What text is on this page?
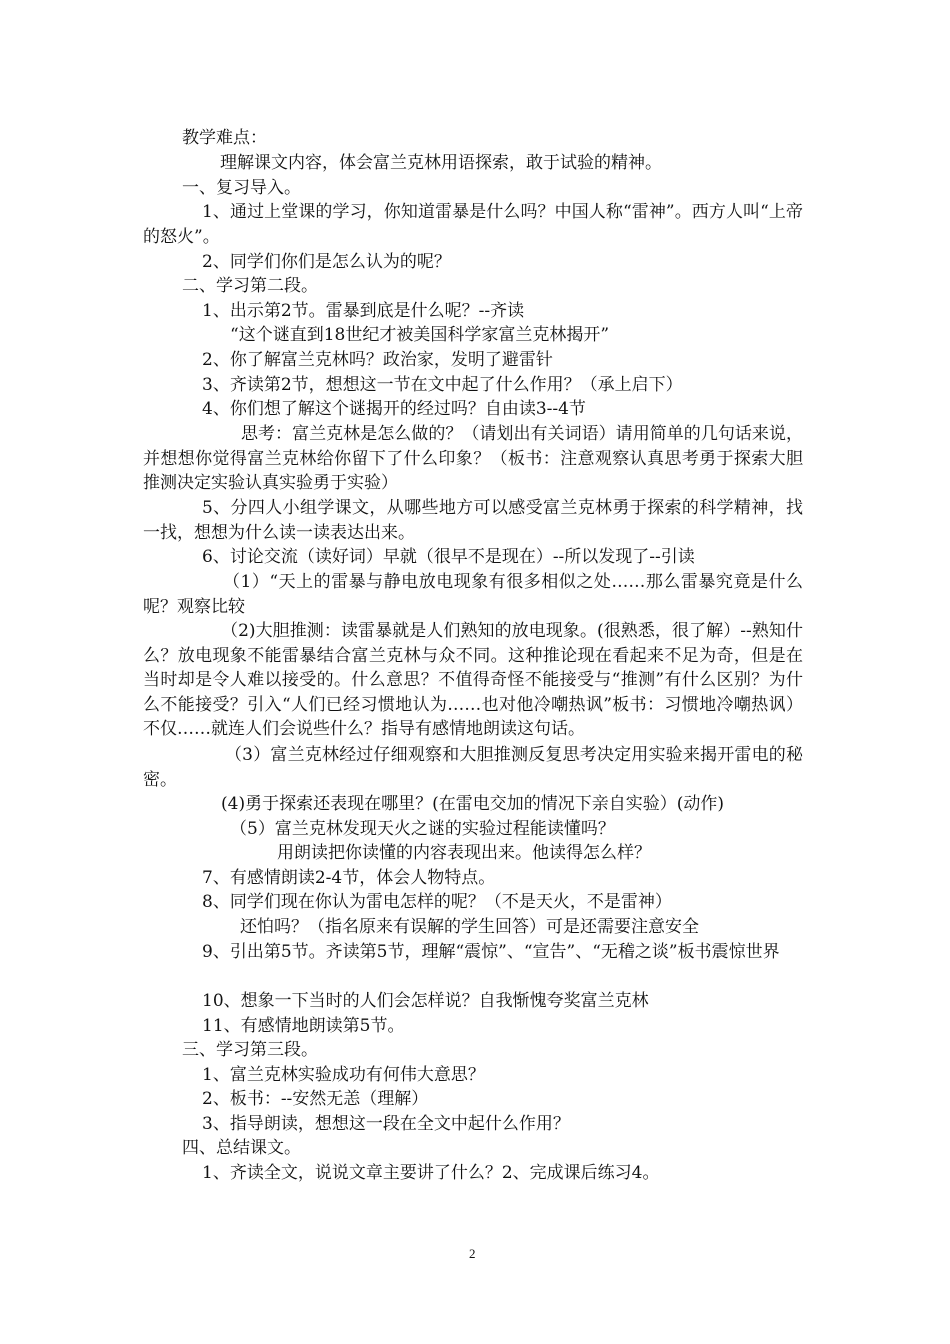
教学难点：
理解课文内容，体会富兰克林用语探索，敢于试验的精神。
一、复习导入。
1、通过上堂课的学习，你知道雷暴是什么吗？中国人称“雷神”。西方人叫“上帝的怒火”。
2、同学们你们是怎么认为的呢？
二、学习第二段。
1、出示第2节。雷暴到底是什么呢？--齐读
“这个谜直到18世纪才被美国科学家富兰克林揭开”
2、你了解富兰克林吗？政治家，发明了避雷针
3、齐读第2节，想想这一节在文中起了什么作用？（承上启下）
4、你们想了解这个谜揭开的经过吗？自由读3--4节
思考：富兰克林是怎么做的？（请划出有关词语）请用简单的几句话来说，并想想你觉得富兰克林给你留下了什么印象？（板书：注意观察认真思考勇于探索大胆推测决定实验认真实验勇于实验）
5、分四人小组学课文，从哪些地方可以感受富兰克林勇于探索的科学精神，找一找，想想为什么读一读表达出来。
6、讨论交流（读好词）早就（很早不是现在）--所以发现了--引读
（1）“天上的雷暴与静电放电现象有很多相似之处……那么雷暴究竟是什么呢？观察比较
（2)大胆推测：读雷暴就是人们熟知的放电现象。(很熟悉，很了解）--熟知什么？放电现象不能雷暴结合富兰克林与众不同。这种推论现在看起来不足为奇，但是在当时却是令人难以接受的。什么意思？不值得奇怪不能接受与“推测”有什么区别？为什么不能接受？引入“人们已经习惯地认为……也对他冷嘲热讽”板书：习惯地冷嘲热讽）不仅……就连人们会说些什么？指导有感情地朗读这句话。
（3）富兰克林经过仔细观察和大胆推测反复思考决定用实验来揭开雷电的秘密。
(4)勇于探索还表现在哪里？(在雷电交加的情况下亲自实验）(动作)
（5）富兰克林发现天火之谜的实验过程能读懂吗？
用朗读把你读懂的内容表现出来。他读得怎么样？
7、有感情朗读2-4节，体会人物特点。
8、同学们现在你认为雷电怎样的呢？（不是天火，不是雷神）
还怕吗？（指名原来有误解的学生回答）可是还需要注意安全
9、引出第5节。齐读第5节，理解“震惊”、“宣告”、“无稽之谈”板书震惊世界
10、想象一下当时的人们会怎样说？自我惭愧夸奖富兰克林
11、有感情地朗读第5节。
三、学习第三段。
1、富兰克林实验成功有何伟大意思？
2、板书：--安然无恙（理解）
3、指导朗读，想想这一段在全文中起什么作用？
四、总结课文。
1、齐读全文，说说文章主要讲了什么？2、完成课后练习4。
2
